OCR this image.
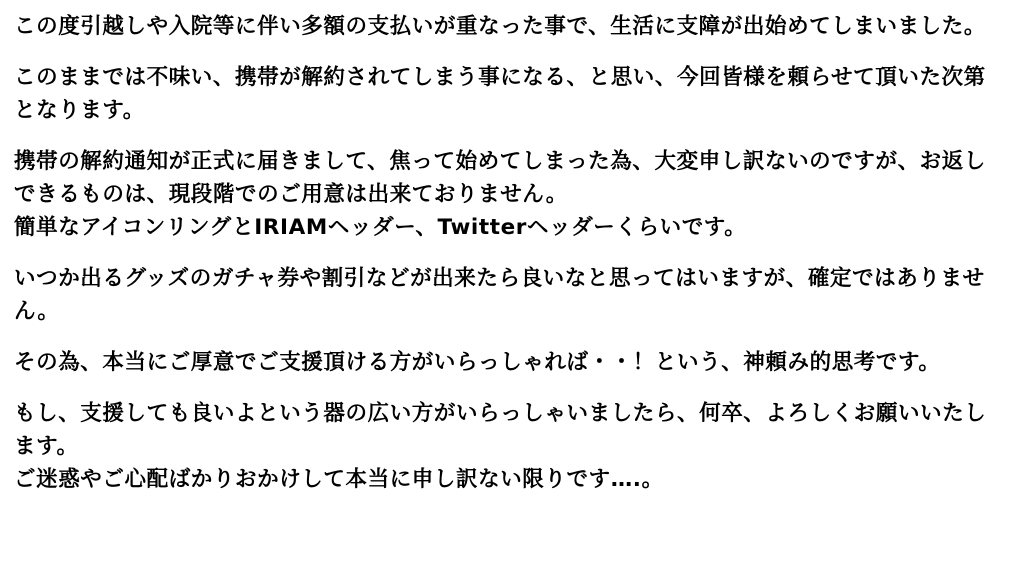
この度引越しや入院等に伴い多額の支払いが重なった事で、生活に支障が出始めてしまいました。

このままでは不味い、携帯が解約されてしまう事になる、と思い、今回皆様を頼らせて頂いた次第となります。

携帯の解約通知が正式に届きまして、焦って始めてしまった為、大変申し訳ないのですが、お返しできるものは、現段階でのご用意は出来ておりません。

簡単なアイコンリングとIRIAMヘッダー、Twitterヘッダーくらいです。

いつか出るグッズのガチャ券や割引などが出来たら良いなと思ってはいますが、確定ではありません。

その為、本当にご厚意でご支援頂ける方がいらっしゃれば・・！という、神頼み的思考です。

もし、支援しても良いよという器の広い方がいらっしゃいましたら、何卒、よろしくお願いいたします。

ご迷惑やご心配ばかりおかけして本当に申し訳ない限りです….。
